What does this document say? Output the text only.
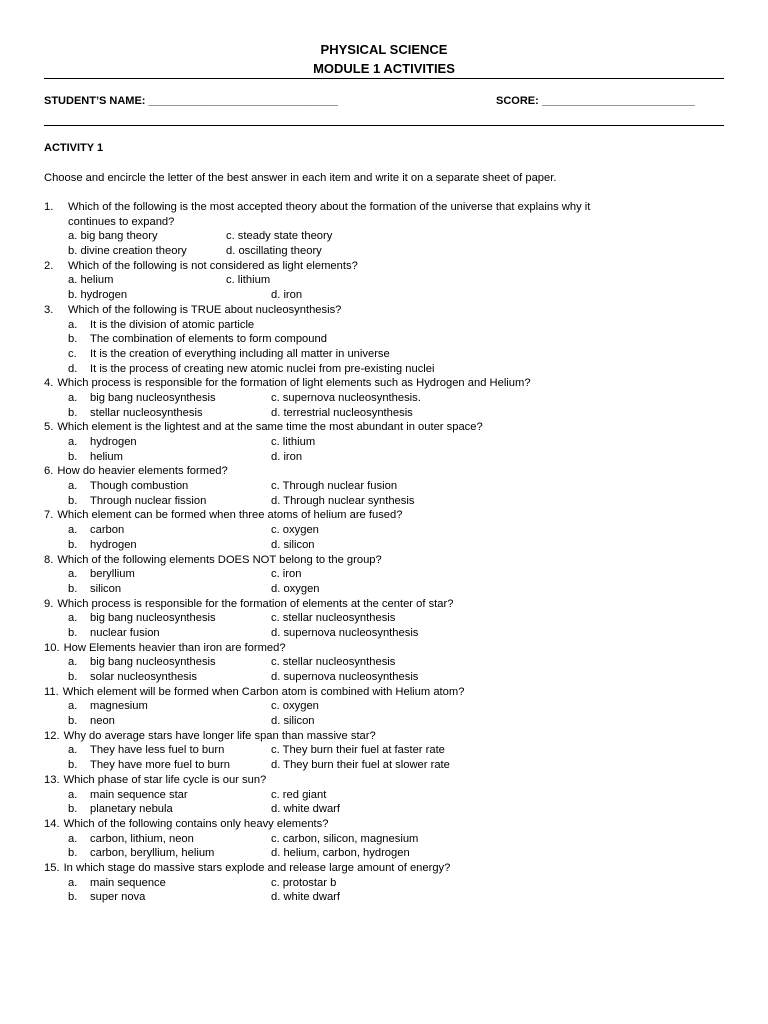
PHYSICAL SCIENCE
MODULE 1 ACTIVITIES
STUDENT’S NAME: _______________________________	SCORE: _________________________
ACTIVITY 1
Choose and encircle the letter of the best answer in each item and write it on a separate sheet of paper.
1. Which of the following is the most accepted theory about the formation of the universe that explains why it
continues to expand?
a. big bang theory	c. steady state theory
b. divine creation theory	d. oscillating theory
2. Which of the following is not considered as light elements?
a. helium	c. lithium
b. hydrogen	d. iron
3. Which of the following is TRUE about nucleosynthesis?
a. It is the division of atomic particle
b. The combination of elements to form compound
c. It is the creation of everything including all matter in universe
d. It is the process of creating new atomic nuclei from pre-existing nuclei
4. Which process is responsible for the formation of light elements such as Hydrogen and Helium?
a. big bang nucleosynthesis	c. supernova nucleosynthesis.
b. stellar nucleosynthesis	d. terrestrial nucleosynthesis
5. Which element is the lightest and at the same time the most abundant in outer space?
a. hydrogen	c. lithium
b. helium	d. iron
6. How do heavier elements formed?
a. Though combustion	c. Through nuclear fusion
b. Through nuclear fission	d. Through nuclear synthesis
7. Which element can be formed when three atoms of helium are fused?
a. carbon	c. oxygen
b. hydrogen	d. silicon
8. Which of the following elements DOES NOT belong to the group?
a. beryllium	c. iron
b. silicon	d. oxygen
9. Which process is responsible for the formation of elements at the center of star?
a. big bang nucleosynthesis	c. stellar nucleosynthesis
b. nuclear fusion	d. supernova nucleosynthesis
10. How Elements heavier than iron are formed?
a. big bang nucleosynthesis	c. stellar nucleosynthesis
b. solar nucleosynthesis	d. supernova nucleosynthesis
11. Which element will be formed when Carbon atom is combined with Helium atom?
a. magnesium	c. oxygen
b. neon	d. silicon
12. Why do average stars have longer life span than massive star?
a. They have less fuel to burn	c. They burn their fuel at faster rate
b. They have more fuel to burn	d. They burn their fuel at slower rate
13. Which phase of star life cycle is our sun?
a. main sequence star	c. red giant
b. planetary nebula	d. white dwarf
14. Which of the following contains only heavy elements?
a. carbon, lithium, neon	c. carbon, silicon, magnesium
b. carbon, beryllium, helium	d. helium, carbon, hydrogen
15. In which stage do massive stars explode and release large amount of energy?
a. main sequence	c. protostar b
b. super nova	d. white dwarf
